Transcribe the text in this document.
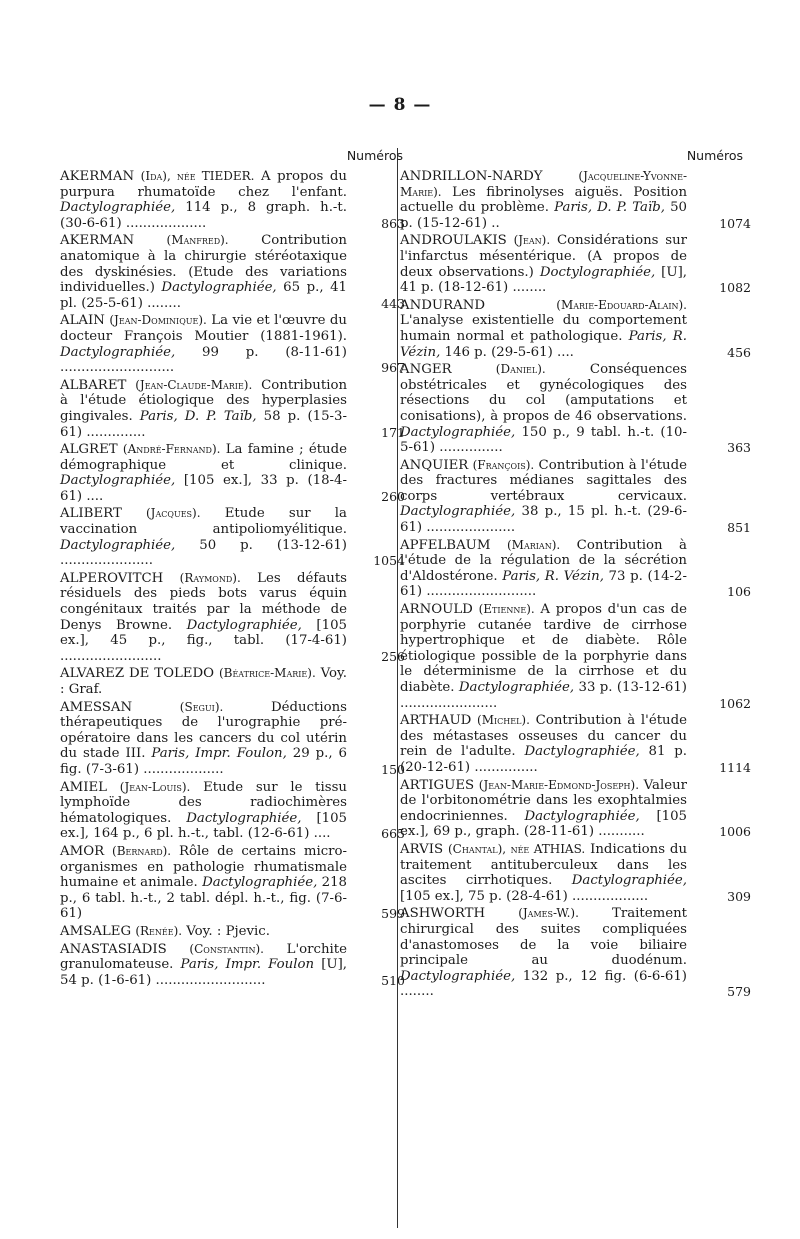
— 8 —
Numéros
AKERMAN (Ida), née TIEDER. A propos du purpura rhumatoïde chez l'enfant. Dactylographiée, 114 p., 8 graph. h.-t. (30-6-61) ...................	863
AKERMAN	(Manfred). Contribution anatomique à la chirurgie stéréotaxique des dyskinésies. (Etude des variations individuelles.) Dactylographiée, 65 p., 41 pl. (25-5-61) ........	443
ALAIN (Jean-Dominique). La vie et l'œuvre du docteur François Moutier (1881-1961). Dactylographiée, 99 p. (8-11-61) ...........................	967
ALBARET (Jean-Claude-Marie). Contribution à l'étude étiologique des hyperplasies gingivales. Paris, D. P. Taïb, 58 p. (15-3-61) ..............	171
ALGRET (André-Fernand). La famine ; étude démographique et clinique. Dactylographiée, [105 ex.], 33 p. (18-4-61) ....	260
ALIBERT (Jacques). Etude sur la vaccination antipoliomyélitique. Dactylographiée, 50 p. (13-12-61) ......................	1054
ALPEROVITCH (Raymond). Les défauts résiduels des pieds bots varus équin congénitaux traités par la méthode de Denys Browne. Dactylographiée, [105 ex.], 45 p., fig., tabl. (17-4-61) ........................	256
ALVAREZ DE TOLEDO (Béatrice-Marie). Voy. : Graf.
AMESSAN	(Segui).	Déductions thérapeutiques de l'urographie pré-opératoire dans les cancers du col utérin du stade III. Paris, Impr. Foulon, 29 p., 6 fig. (7-3-61) ...................	150
AMIEL (Jean-Louis). Etude sur le tissu lymphoïde des radiochimères hématologiques. Dactylographiée, [105 ex.], 164 p., 6 pl. h.-t., tabl. (12-6-61) ....	665
AMOR (Bernard). Rôle de certains micro-organismes en pathologie rhumatismale humaine et animale. Dactylographiée, 218 p., 6 tabl. h.-t., 2 tabl. dépl. h.-t., fig. (7-6-61)	599
AMSALEG (Renée). Voy. : Pjevic.
ANASTASIADIS (Constantin). L'orchite granulomateuse. Paris, Impr. Foulon [U], 54 p. (1-6-61) ..........................	510
Numéros
ANDRILLON-NARDY	(Jacqueline-Yvonne-Marie). Les fibrinolyses aiguës. Position actuelle du problème. Paris, D. P. Taïb, 50 p. (15-12-61) ..	1074
ANDROULAKIS (Jean). Considérations sur l'infarctus mésentérique. (A propos de deux observations.) Doctylographiée, [U], 41 p. (18-12-61) ........	1082
ANDURAND	(Marie-Edouard-Alain). L'analyse existentielle du comportement humain normal et pathologique. Paris, R. Vézin, 146 p. (29-5-61) ....	456
ANGER	(Daniel).	Conséquences obstétricales et gynécologiques des résections du col (amputations et conisations), à propos de 46 observations. Dactylographiée, 150 p., 9 tabl. h.-t. (10-5-61) ...............	363
ANQUIER (François). Contribution à l'étude des fractures médianes sagittales des corps vertébraux cervicaux. Dactylographiée, 38 p., 15 pl. h.-t. (29-6-61) .....................	851
APFELBAUM (Marian). Contribution à l'étude de la régulation de la sécrétion d'Aldostérone. Paris, R. Vézin, 73 p. (14-2-61) ..........................	106
ARNOULD (Etienne). A propos d'un cas de porphyrie cutanée tardive de cirrhose hypertrophique et de diabète. Rôle étiologique possible de la porphyrie dans le déterminisme de la cirrhose et du diabète. Dactylographiée, 33 p. (13-12-61) .......................	1062
ARTHAUD (Michel). Contribution à l'étude des métastases osseuses du cancer du rein de l'adulte. Dactylographiée, 81 p. (20-12-61) ...............	1114
ARTIGUES (Jean-Marie-Edmond-Joseph). Valeur de l'orbitonométrie dans les exophtalmies endocriniennes. Dactylographiée, [105 ex.], 69 p., graph. (28-11-61) ...........	1006
ARVIS (Chantal), née ATHIAS. Indications du traitement antituberculeux dans les ascites cirrhotiques. Dactylographiée, [105 ex.], 75 p. (28-4-61) ..................	309
ASHWORTH	(James-W.). Traitement chirurgical des suites compliquées d'anastomoses de la voie biliaire principale au duodénum. Dactylographiée, 132 p., 12 fig. (6-6-61) ........	579
